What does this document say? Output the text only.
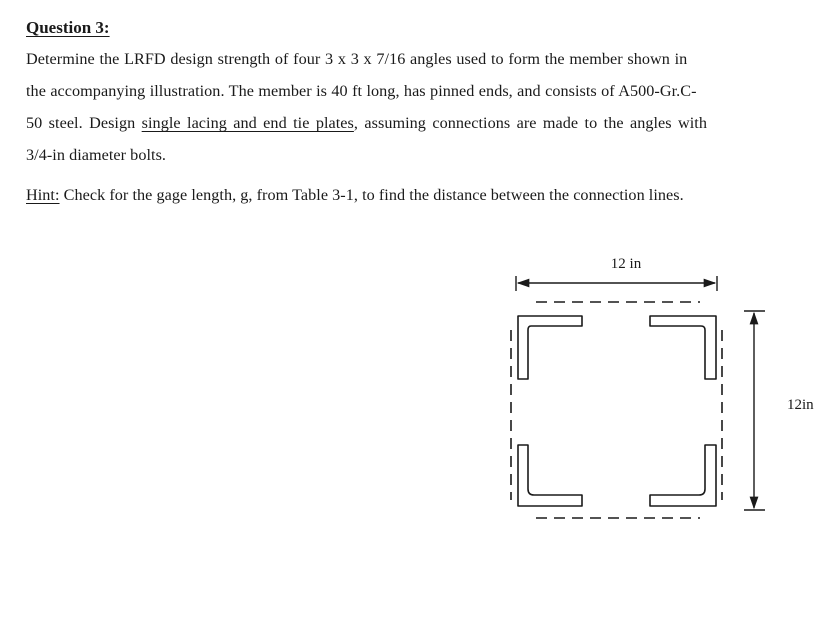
Question 3:
Determine the LRFD design strength of four 3 x 3 x 7/16 angles used to form the member shown in
the accompanying illustration. The member is 40 ft long, has pinned ends, and consists of A500-Gr.C-
50 steel. Design single lacing and end tie plates, assuming connections are made to the angles with
3/4-in diameter bolts.
Hint: Check for the gage length, g, from Table 3-1, to find the distance between the connection lines.
12 in
12in
